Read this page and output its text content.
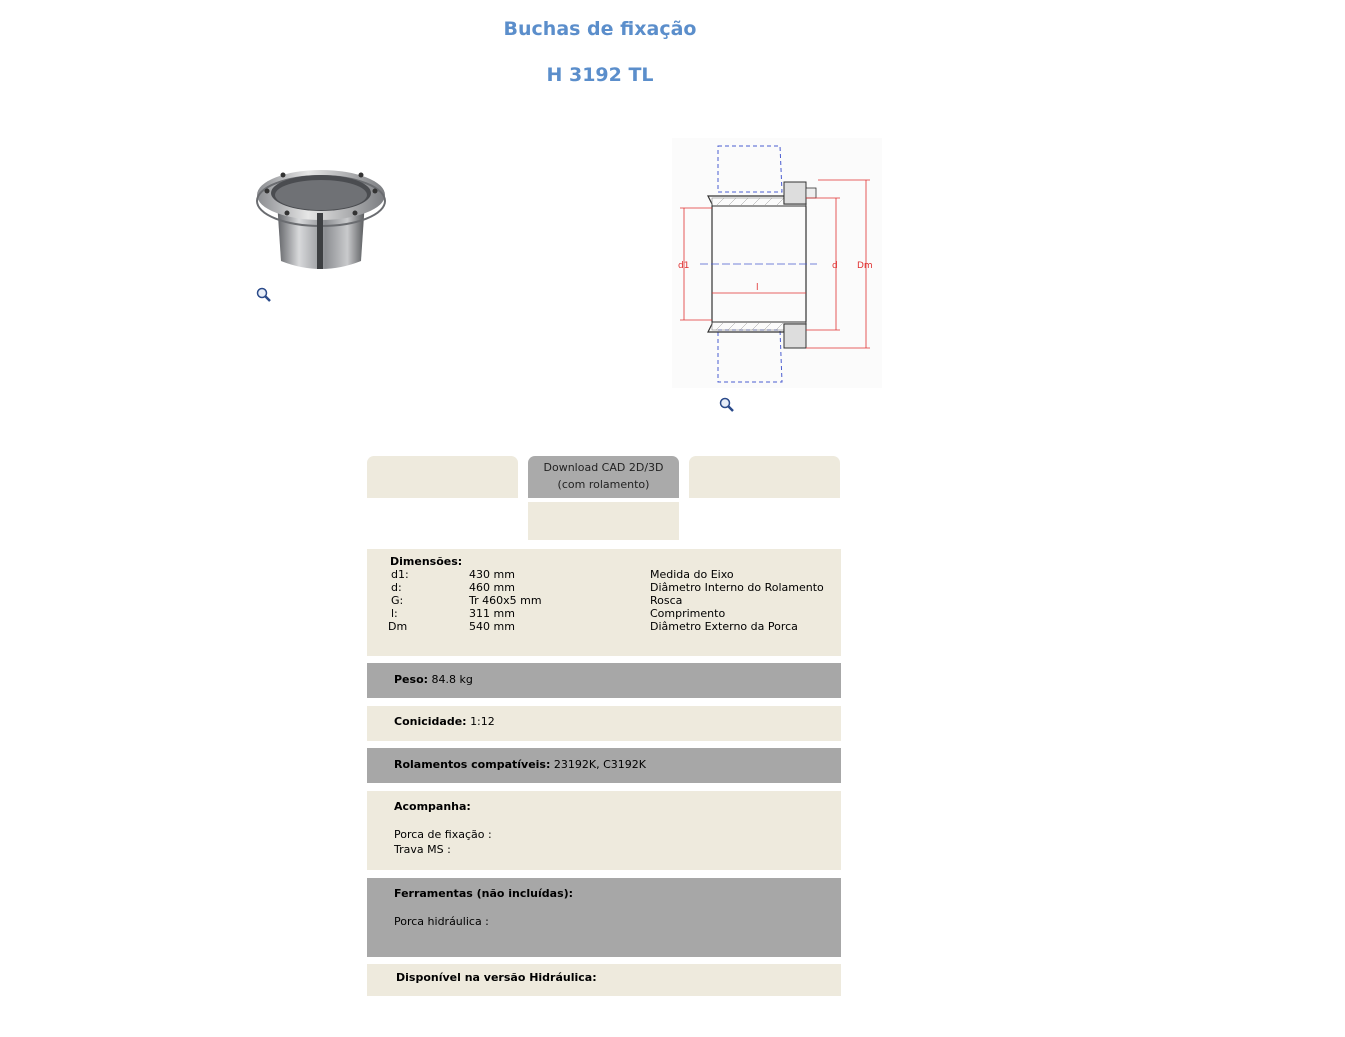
Buchas de fixação
H 3192 TL
d1	d Dm
l
Download CAD 2D/3D
(com rolamento)
Dimensões:
d1:	430 mm	Medida do Eixo
d:	460 mm	Diâmetro Interno do Rolamento
G:	Tr 460x5 mm	Rosca
l:	311 mm	Comprimento
Dm	540 mm	Diâmetro Externo da Porca
Peso: 84.8 kg
Conicidade: 1:12
Rolamentos compatíveis: 23192K, C3192K
Acompanha:
Porca de fixação :
Trava MS :
Ferramentas (não incluídas):
Porca hidráulica :
Disponível na versão Hidráulica:
